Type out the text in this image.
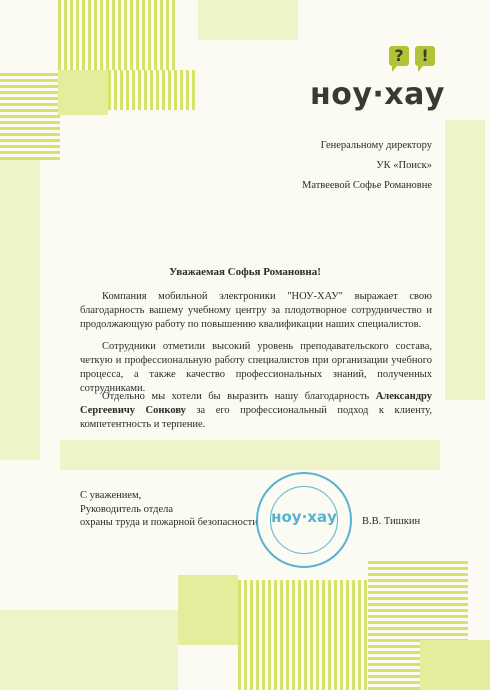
?	!
ноу·хау
Генеральному директору
УК «Поиск»
Матвеевой Софье Романовне
Уважаемая Софья Романовна!
Компания мобильной электроники "НОУ-ХАУ" выражает свою благодарность вашему учебному центру за плодотворное сотрудничество и продолжающую работу по повышению квалификации наших специалистов.
Сотрудники отметили высокий уровень преподавательского состава, четкую и профессиональную работу специалистов при организации учебного процесса, а также качество профессиональных знаний, полученных сотрудниками.
Отдельно мы хотели бы выразить нашу благодарность Александру Сергеевичу Сонкову за его профессиональный подход к клиенту, компетентность и терпение.
С уважением,
Руководитель отдела
охраны труда и пожарной безопасности	В.В. Тишкин
ноу·хау
